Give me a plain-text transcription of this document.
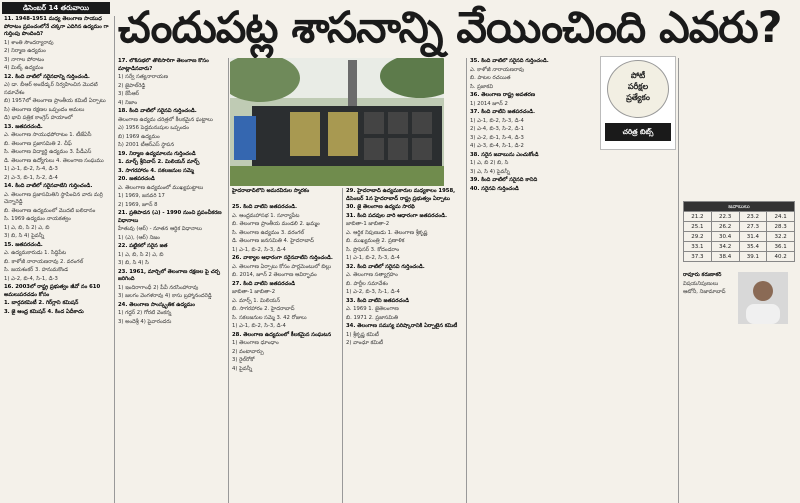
డిసెంబర్ 14 తరువాయి చందుపట్ల శాసనాన్ని వేయించింది ఎవరు?

11. 1948-1951 మధ్య తెలంగాణ సాయుధ పోరాటం ప్రపంచంలోనే చక్కగా ఎదిగిన ఉద్యమం గా గుర్తింపు పొందింది?

1) శాంతి సౌందర్యారావు

2) నిర్మాణ ఉద్యమం

3) నాగాల పోరాటం

4) మిల్క్ ఉద్యమం

12. కింది వాటిలో సరైనదాన్ని గుర్తించండి.

ఎ) డా. బీఆర్ అంబేడ్కర్ నిర్వహించిన మొదటి సమావేశం

బి) 1957లో తెలంగాణ ప్రాంతీయ కమిటీ ఏర్పాటు

సి) తెలంగాణ రక్షణల ఒప్పందం అమలు

డి) భావి పత్రిక కాంగ్రెస్ హయాంలో

13. జతపరచండి.

ఎ. తెలంగాణ సాయుధపోరాటం 1. టీజేఏసీ

బి. తెలంగాణ ప్రజాసమితి 2. చీఫ్

సి. తెలంగాణ విద్యార్థి ఉద్యమం 3. పీడీఎస్

డి. తెలంగాణ ఉద్యోగులు 4. తెలంగాణ సంఘము

1) ఎ-1, బి-2, సి-4, డి-3

2) ఎ-3, బి-1, సి-2, డి-4

14. కింది వాటిలో సరైనవాటిని గుర్తించండి.

ఎ. తెలంగాణ ప్రజాసమితిని స్థాపించిన వారు మర్రి చెన్నారెడ్డి

బి. తెలంగాణ ఉద్యమంలో మొదటి బలిదానం

సి. 1969 ఉద్యమం నాయకత్వం

1) ఎ, బి, సి 2) ఎ, బి

3) బి, సి 4) పైవన్నీ

15. జతపరచండి.

ఎ. ఉద్యమకారుడు 1. సిద్ధిపేట

బి. కాళోజీ నారాయణరావు 2. వరంగల్

సి. జయశంకర్ 3. హనుమకొండ

1) ఎ-2, బి-4, సి-1, డి-3

16. 2003లో రాష్ట్ర ప్రభుత్వం జీవో నం 610 అమలుపరచడం కోసం

1. బార్గవకమిటీ 2. గిర్‌గ్లాని కమిషన్

3. జై ఆంధ్ర కమిషన్ 4. కింద ఏదీకాదు

17. లోక్‌సభలో తొలిసారిగా తెలంగాణ కోసం మాట్లాడినవారు?

1) సర్వే సత్యనారాయణ

2) జైపాల్‌రెడ్డి

3) కేసీఆర్

4) నిజాం

18. కింది వాటిలో సరైనవి గుర్తించండి.

తెలంగాణ ఉద్యమ చరిత్రలో కీలకమైన ఘట్టాలు

ఎ) 1956 పెద్దమనుషుల ఒప్పందం

బి) 1969 ఉద్యమం

సి) 2001 టీఆర్‌ఎస్ స్థాపన

19. నిర్మాణ ఉద్యమాలను గుర్తించండి

1. మార్చ్ శ్రీనివాస్ 2. మిలియన్ మార్చ్

3. సాగరహారం 4. సకలజనుల సమ్మె

20. జతపరచండి

ఎ. తెలంగాణ ఉద్యమంలో ముఖ్యఘట్టాలు

1) 1969, జనవరి 17

2) 1969, జూన్ 8

21. ప్రతిపాదన (ఎ) - 1990 నుంచి ప్రపంచీకరణ విధానాలు

హేతువు (ఆర్) - నూతన ఆర్థిక విధానాలు

1) (ఎ), (ఆర్) నిజం

22. పట్టికలో సరైన జత

1) ఎ, బి, సి 2) ఎ, బి

3) బి, సి 4) సి

23. 1961, మార్చిలో తెలంగాణ రక్షణల పై చర్చ జరిగింది

1) ఇందిరాగాంధీ 2) పీవీ నరసింహారావు

3) జలగం వెంగళరావు 4) కాసు బ్రహ్మానందరెడ్డి

24. తెలంగాణ సాంస్కృతిక ఉద్యమం

1) గద్దర్ 2) గోరటి వెంకన్న

3) అందెశ్రీ 4) పైవారందరు

హైదరాబాద్‌లోని అమరవీరుల స్మారకం

25. కింది వాటిని జతపరచండి.

ఎ. ఆంధ్రమహాసభ 1. సూర్యాపేట

బి. తెలంగాణ ప్రాంతీయ మండలి 2. ఖమ్మం

సి. తెలంగాణ ఉద్యమం 3. వరంగల్

డి. తెలంగాణ జనసమితి 4. హైదరాబాద్

1) ఎ-1, బి-2, సి-3, డి-4

26. వాక్యాల ఆధారంగా సరైనవాటిని గుర్తించండి.

ఎ. తెలంగాణ ఏర్పాటు కోసం పార్లమెంటులో బిల్లు

బి. 2014, జూన్ 2 తెలంగాణ ఆవిర్భావం

27. కింది వాటిని జతపరచండి

జాబితా-1 జాబితా-2

ఎ. మార్చ్ 1. మిలియన్

బి. సాగరహారం 2. హైదరాబాద్

సి. సకలజనుల సమ్మె 3. 42 రోజులు

1) ఎ-1, బి-2, సి-3, డి-4

28. తెలంగాణ ఉద్యమంలో కీలకమైన సంఘటన

1) తెలంగాణ ధూంధాం

2) వంటావార్పు

3) రైల్‌రోకో

4) పైవన్నీ

29. హైదరాబాద్ ఉద్యమకారుల మధ్యకాలం 1958, డిసెంబర్ 1న హైదరాబాద్ రాష్ట్ర ప్రభుత్వం ఏర్పాటు

30. జై తెలంగాణ ఉద్యమ సారథి

31. కింది పదవుల వారి ఆధారంగా జతపరచండి.

జాబితా-1 జాబితా-2

ఎ. ఆర్థిక నిపుణుడు 1. తెలంగాణ శ్రీకృష్ణ

బి. ముఖ్యమంత్రి 2. ప్రణాళిక

సి. ప్రొఫెసర్ 3. కోదండరాం

1) ఎ-1, బి-2, సి-3, డి-4

32. కింది వాటిలో సరైనవి గుర్తించండి.

ఎ. తెలంగాణ సత్యాగ్రహం

బి. పార్టీల సమావేశం

1) ఎ-2, బి-3, సి-1, డి-4

33. కింది వాటిని జతపరచండి

ఎ. 1969 1. జైతెలంగాణ

బి. 1971 2. ప్రజాసమితి

34. తెలంగాణ సమస్య పరిష్కారానికి ఏర్పాటైన కమిటీ

1) శ్రీకృష్ణ కమిటీ

2) వాంఛూ కమిటీ

35. కింది వాటిలో సరైనది గుర్తించండి.

ఎ. కాళోజీ నారాయణరావు

బి. పాటల రచయిత

సి. ప్రజాకవి

36. తెలంగాణ రాష్ట్ర అవతరణ

1) 2014 జూన్ 2

37. కింది వాటిని జతపరచండి.

1) ఎ-1, బి-2, సి-3, డి-4

2) ఎ-4, బి-3, సి-2, డి-1

3) ఎ-2, బి-1, సి-4, డి-3

4) ఎ-3, బి-4, సి-1, డి-2

38. సరైన జవాబును ఎంచుకోండి

1) ఎ, బి 2) బి, సి

3) ఎ, సి 4) పైవన్నీ

39. కింది వాటిలో సరైనది కానిది

40. సరైనవి గుర్తించండి

పోటీ
పరీక్షల
ప్రత్యేకం
చరిత్ర బిట్స్
జవాబులు			
21.2	22.3	23.2	24.1
25.1	26.2	27.3	28.3
29.2	30.4	31.4	32.2
33.1	34.2	35.4	36.1
37.3	38.4	39.1	40.2

రావూరు కరుణాకర్

విషయనిపుణులు

ఆటోనీ, నిజామాబాద్
